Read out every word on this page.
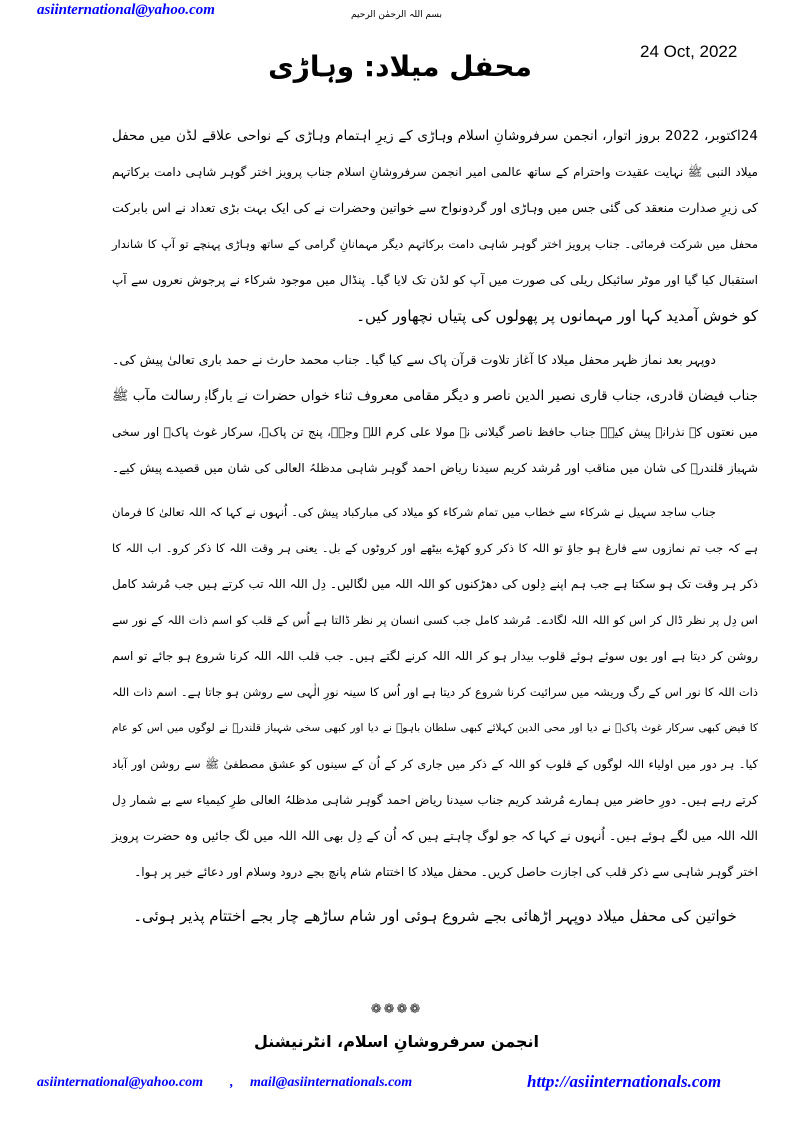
asiinternational@yahoo.com	بسم اللہ الرحمٰن الرحیم
محفل میلاد: وہاڑی	24 Oct, 2022
24اکتوبر، 2022 بروز اتوار، انجمن سرفروشانِ اسلام وہاڑی کے زیرِ اہتمام وہاڑی کے نواحی علاقے لڈن میں محفل
میلاد النبی ﷺ نہایت عقیدت واحترام کے ساتھ عالمی امیر انجمن سرفروشانِ اسلام جناب پرویز اختر گوہر شاہی دامت برکاتہم
کی زیرِ صدارت منعقد کی گئی جس میں وہاڑی اور گردونواح سے خواتین وحضرات نے کی ایک بہت بڑی تعداد نے اس بابرکت
محفل میں شرکت فرمائی۔ جناب پرویز اختر گوہر شاہی دامت برکاتہم دیگر مہمانانِ گرامی کے ساتھ وہاڑی پہنچے تو آپ کا شاندار
استقبال کیا گیا اور موٹر سائیکل ریلی کی صورت میں آپ کو لڈن تک لایا گیا۔ پنڈال میں موجود شرکاء نے پرجوش نعروں سے آپ
کو خوش آمدید کہا اور مہمانوں پر پھولوں کی پتیاں نچھاور کیں۔
دوپہر بعد نماز ظہر محفل میلاد کا آغاز تلاوت قرآن پاک سے کیا گیا۔ جناب محمد حارث نے حمد باری تعالیٰ پیش کی۔
جناب فیضان قادری، جناب قاری نصیر الدین ناصر و دیگر مقامی معروف ثناء خواں حضرات نے بارگاہِ رسالت مآب ﷺ
میں نعتوں کے نذرانے پیش کیے۔ جناب حافظ ناصر گیلانی نے مولا علی کرم اللہ وجہہ، پنج تن پاکؑ، سرکار غوث پاکؓ اور سخی
شہباز قلندرؒ کی شان میں مناقب اور مُرشد کریم سیدنا ریاض احمد گوہر شاہی مدظلہُ العالی کی شان میں قصیدے پیش کیے۔
جناب ساجد سہیل نے شرکاء سے خطاب میں تمام شرکاء کو میلاد کی مبارکباد پیش کی۔ اُنہوں نے کہا کہ اللہ تعالیٰ کا فرمان
ہے کہ جب تم نمازوں سے فارغ ہو جاؤ تو اللہ کا ذکر کرو کھڑے بیٹھے اور کروٹوں کے بل۔ یعنی ہر وقت اللہ کا ذکر کرو۔ اب اللہ کا
ذکر ہر وقت تک ہو سکتا ہے جب ہم اپنے دِلوں کی دھڑکنوں کو اللہ اللہ میں لگالیں۔ دِل اللہ اللہ تب کرتے ہیں جب مُرشد کامل
اس دِل پر نظر ڈال کر اس کو اللہ اللہ لگادے۔ مُرشد کامل جب کسی انسان پر نظر ڈالتا ہے اُس کے قلب کو اسم ذات اللہ کے نور سے
روشن کر دیتا ہے اور یوں سوئے ہوئے قلوب بیدار ہو کر اللہ اللہ کرنے لگتے ہیں۔ جب قلب اللہ اللہ کرنا شروع ہو جائے تو اسم
ذات اللہ کا نور اس کے رگ وریشہ میں سرائیت کرنا شروع کر دیتا ہے اور اُس کا سینہ نورِ الٰہی سے روشن ہو جاتا ہے۔ اسم ذات اللہ
کا فیض کبھی سرکار غوث پاکؓ نے دیا اور محی الدین کہلائے کبھی سلطان باہوؒ نے دیا اور کبھی سخی شہباز قلندرؒ نے لوگوں میں اس کو عام
کیا۔ ہر دور میں اولیاء اللہ لوگوں کے قلوب کو اللہ کے ذکر میں جاری کر کے اُن کے سینوں کو عشق مصطفیٰ ﷺ سے روشن اور آباد
کرتے رہے ہیں۔ دورِ حاضر میں ہمارے مُرشد کریم جناب سیدنا ریاض احمد گوہر شاہی مدظلہُ العالی طرِ کیمیاء سے بے شمار دِل
اللہ اللہ میں لگے ہوئے ہیں۔ اُنہوں نے کہا کہ جو لوگ چاہتے ہیں کہ اُن کے دِل بھی اللہ اللہ میں لگ جائیں وہ حضرت پرویز
اختر گوہر شاہی سے ذکر قلب کی اجازت حاصل کریں۔ محفل میلاد کا اختتام شام پانچ بجے درود وسلام اور دعائے خیر پر ہوا۔
خواتین کی محفل میلاد دوپہر اڑھائی بجے شروع ہوئی اور شام ساڑھے چار بجے اختتام پذیر ہوئی۔
❁❁❁❁
انجمن سرفروشانِ اسلام، انٹرنیشنل
asiinternational@yahoo.com , mail@asiinternationals.com	http://asiinternationals.com
